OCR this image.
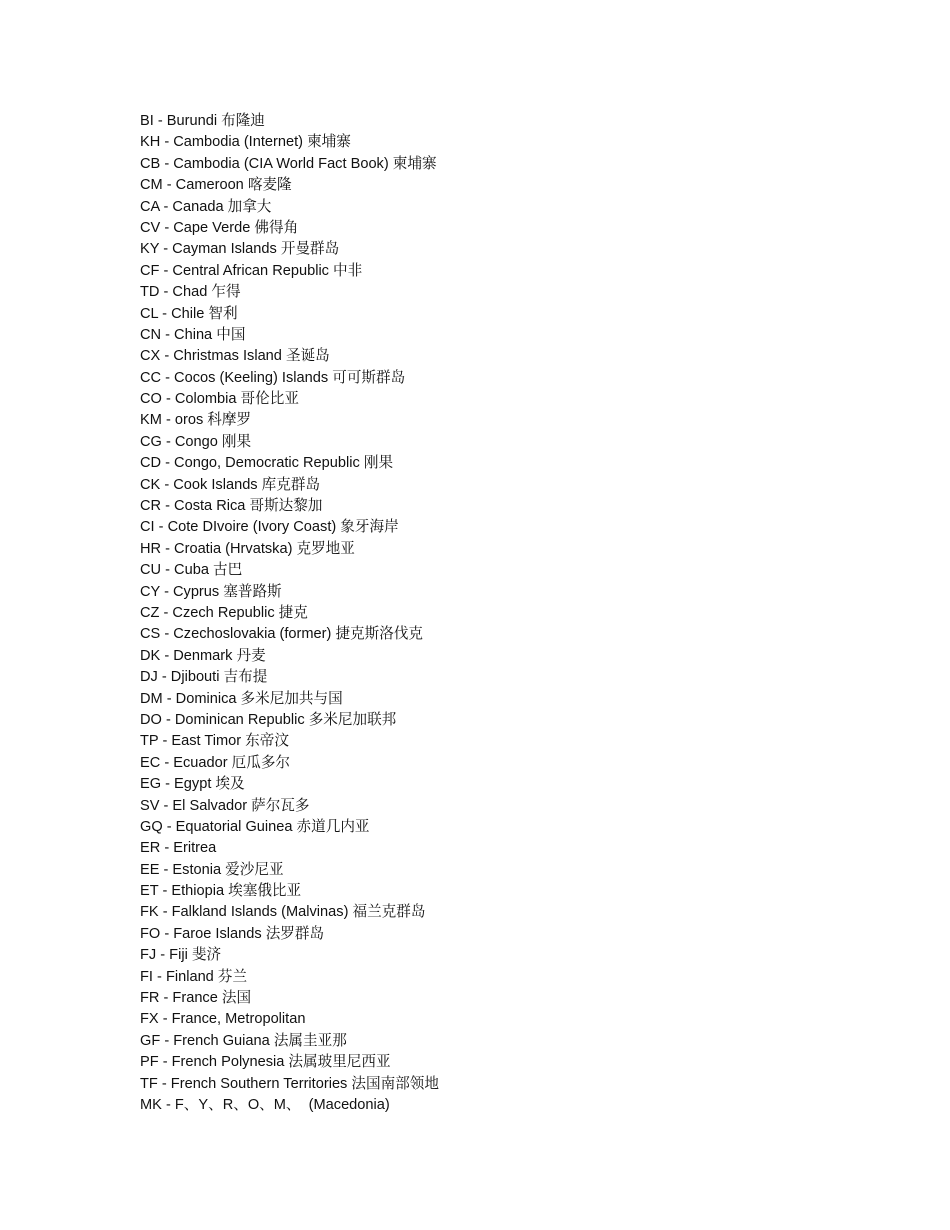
BI - Burundi 布隆迪
KH - Cambodia (Internet) 柬埔寨
CB - Cambodia (CIA World Fact Book) 柬埔寨
CM - Cameroon 喀麦隆
CA - Canada 加拿大
CV - Cape Verde 佛得角
KY - Cayman Islands 开曼群岛
CF - Central African Republic 中非
TD - Chad 乍得
CL - Chile 智利
CN - China 中国
CX - Christmas Island 圣诞岛
CC - Cocos (Keeling) Islands 可可斯群岛
CO - Colombia 哥伦比亚
KM - oros 科摩罗
CG - Congo 刚果
CD - Congo, Democratic Republic 刚果
CK - Cook Islands 库克群岛
CR - Costa Rica 哥斯达黎加
CI - Cote DIvoire (Ivory Coast) 象牙海岸
HR - Croatia (Hrvatska) 克罗地亚
CU - Cuba 古巴
CY - Cyprus 塞普路斯
CZ - Czech Republic 捷克
CS - Czechoslovakia (former) 捷克斯洛伐克
DK - Denmark 丹麦
DJ - Djibouti 吉布提
DM - Dominica 多米尼加共与国
DO - Dominican Republic 多米尼加联邦
TP - East Timor 东帝汶
EC - Ecuador 厄瓜多尔
EG - Egypt 埃及
SV - El Salvador 萨尔瓦多
GQ - Equatorial Guinea 赤道几内亚
ER - Eritrea
EE - Estonia 爱沙尼亚
ET - Ethiopia 埃塞俄比亚
FK - Falkland Islands (Malvinas) 福兰克群岛
FO - Faroe Islands 法罗群岛
FJ - Fiji 斐济
FI - Finland 芬兰
FR - France 法国
FX - France, Metropolitan
GF - French Guiana 法属圭亚那
PF - French Polynesia 法属玻里尼西亚
TF - French Southern Territories 法国南部领地
MK - F、Y、R、O、M、  (Macedonia)
